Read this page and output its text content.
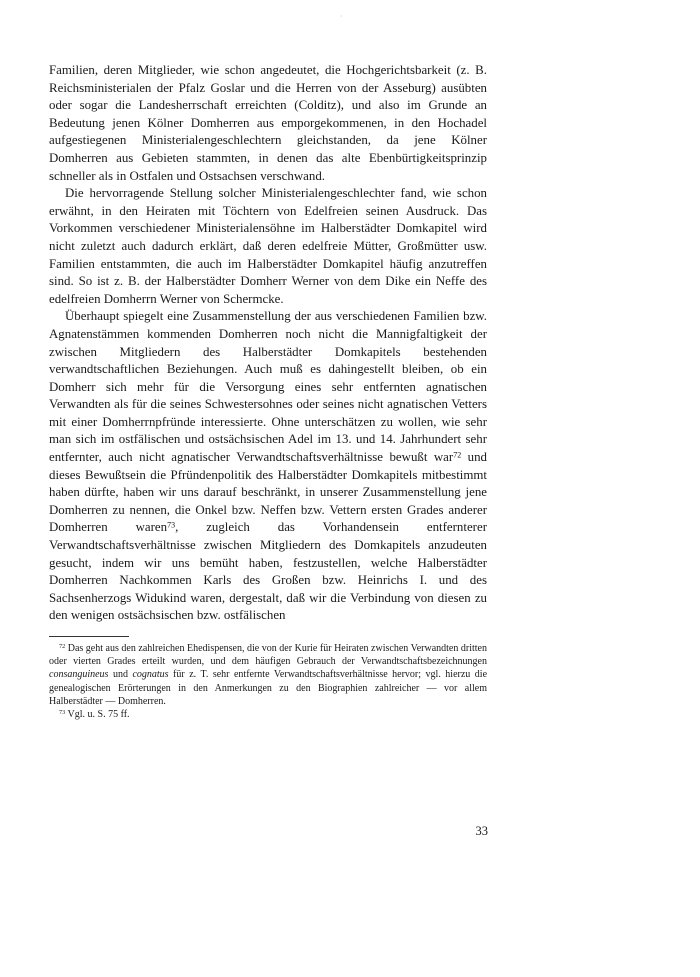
·

Familien, deren Mitglieder, wie schon angedeutet, die Hochgerichtsbarkeit (z. B. Reichsministerialen der Pfalz Goslar und die Herren von der Asseburg) ausübten oder sogar die Landesherrschaft erreichten (Colditz), und also im Grunde an Bedeutung jenen Kölner Domherren aus emporgekommenen, in den Hochadel aufgestiegenen Ministerialengeschlechtern gleichstanden, da jene Kölner Domherren aus Gebieten stammten, in denen das alte Ebenbürtigkeitsprinzip schneller als in Ostfalen und Ostsachsen verschwand.

Die hervorragende Stellung solcher Ministerialengeschlechter fand, wie schon erwähnt, in den Heiraten mit Töchtern von Edelfreien seinen Ausdruck. Das Vorkommen verschiedener Ministerialensöhne im Halberstädter Domkapitel wird nicht zuletzt auch dadurch erklärt, daß deren edelfreie Mütter, Großmütter usw. Familien entstammten, die auch im Halberstädter Domkapitel häufig anzutreffen sind. So ist z. B. der Halberstädter Domherr Werner von dem Dike ein Neffe des edelfreien Domherrn Werner von Schermcke.

Überhaupt spiegelt eine Zusammenstellung der aus verschiedenen Familien bzw. Agnatenstämmen kommenden Domherren noch nicht die Mannigfaltigkeit der zwischen Mitgliedern des Halberstädter Domkapitels bestehenden verwandtschaftlichen Beziehungen. Auch muß es dahingestellt bleiben, ob ein Domherr sich mehr für die Versorgung eines sehr entfernten agnatischen Verwandten als für die seines Schwestersohnes oder seines nicht agnatischen Vetters mit einer Domherrnpfründe interessierte. Ohne unterschätzen zu wollen, wie sehr man sich im ostfälischen und ostsächsischen Adel im 13. und 14. Jahrhundert sehr entfernter, auch nicht agnatischer Verwandtschaftsverhältnisse bewußt war$^{72}$ und dieses Bewußtsein die Pfründenpolitik des Halberstädter Domkapitels mitbestimmt haben dürfte, haben wir uns darauf beschränkt, in unserer Zusammenstellung jene Domherren zu nennen, die Onkel bzw. Neffen bzw. Vettern ersten Grades anderer Domherren waren$^{73}$, zugleich das Vorhandensein entfernterer Verwandtschaftsverhältnisse zwischen Mitgliedern des Domkapitels anzudeuten gesucht, indem wir uns bemüht haben, festzustellen, welche Halberstädter Domherren Nachkommen Karls des Großen bzw. Heinrichs I. und des Sachsenherzogs Widukind waren, dergestalt, daß wir die Verbindung von diesen zu den wenigen ostsächsischen bzw. ostfälischen

$^{72}$ Das geht aus den zahlreichen Ehedispensen, die von der Kurie für Heiraten zwischen Verwandten dritten oder vierten Grades erteilt wurden, und dem häufigen Gebrauch der Verwandtschaftsbezeichnungen consanguineus und cognatus für z. T. sehr entfernte Verwandtschaftsverhältnisse hervor; vgl. hierzu die genealogischen Erörterungen in den Anmerkungen zu den Biographien zahlreicher — vor allem Halberstädter — Domherren.

$^{73}$ Vgl. u. S. 75 ff.

33
